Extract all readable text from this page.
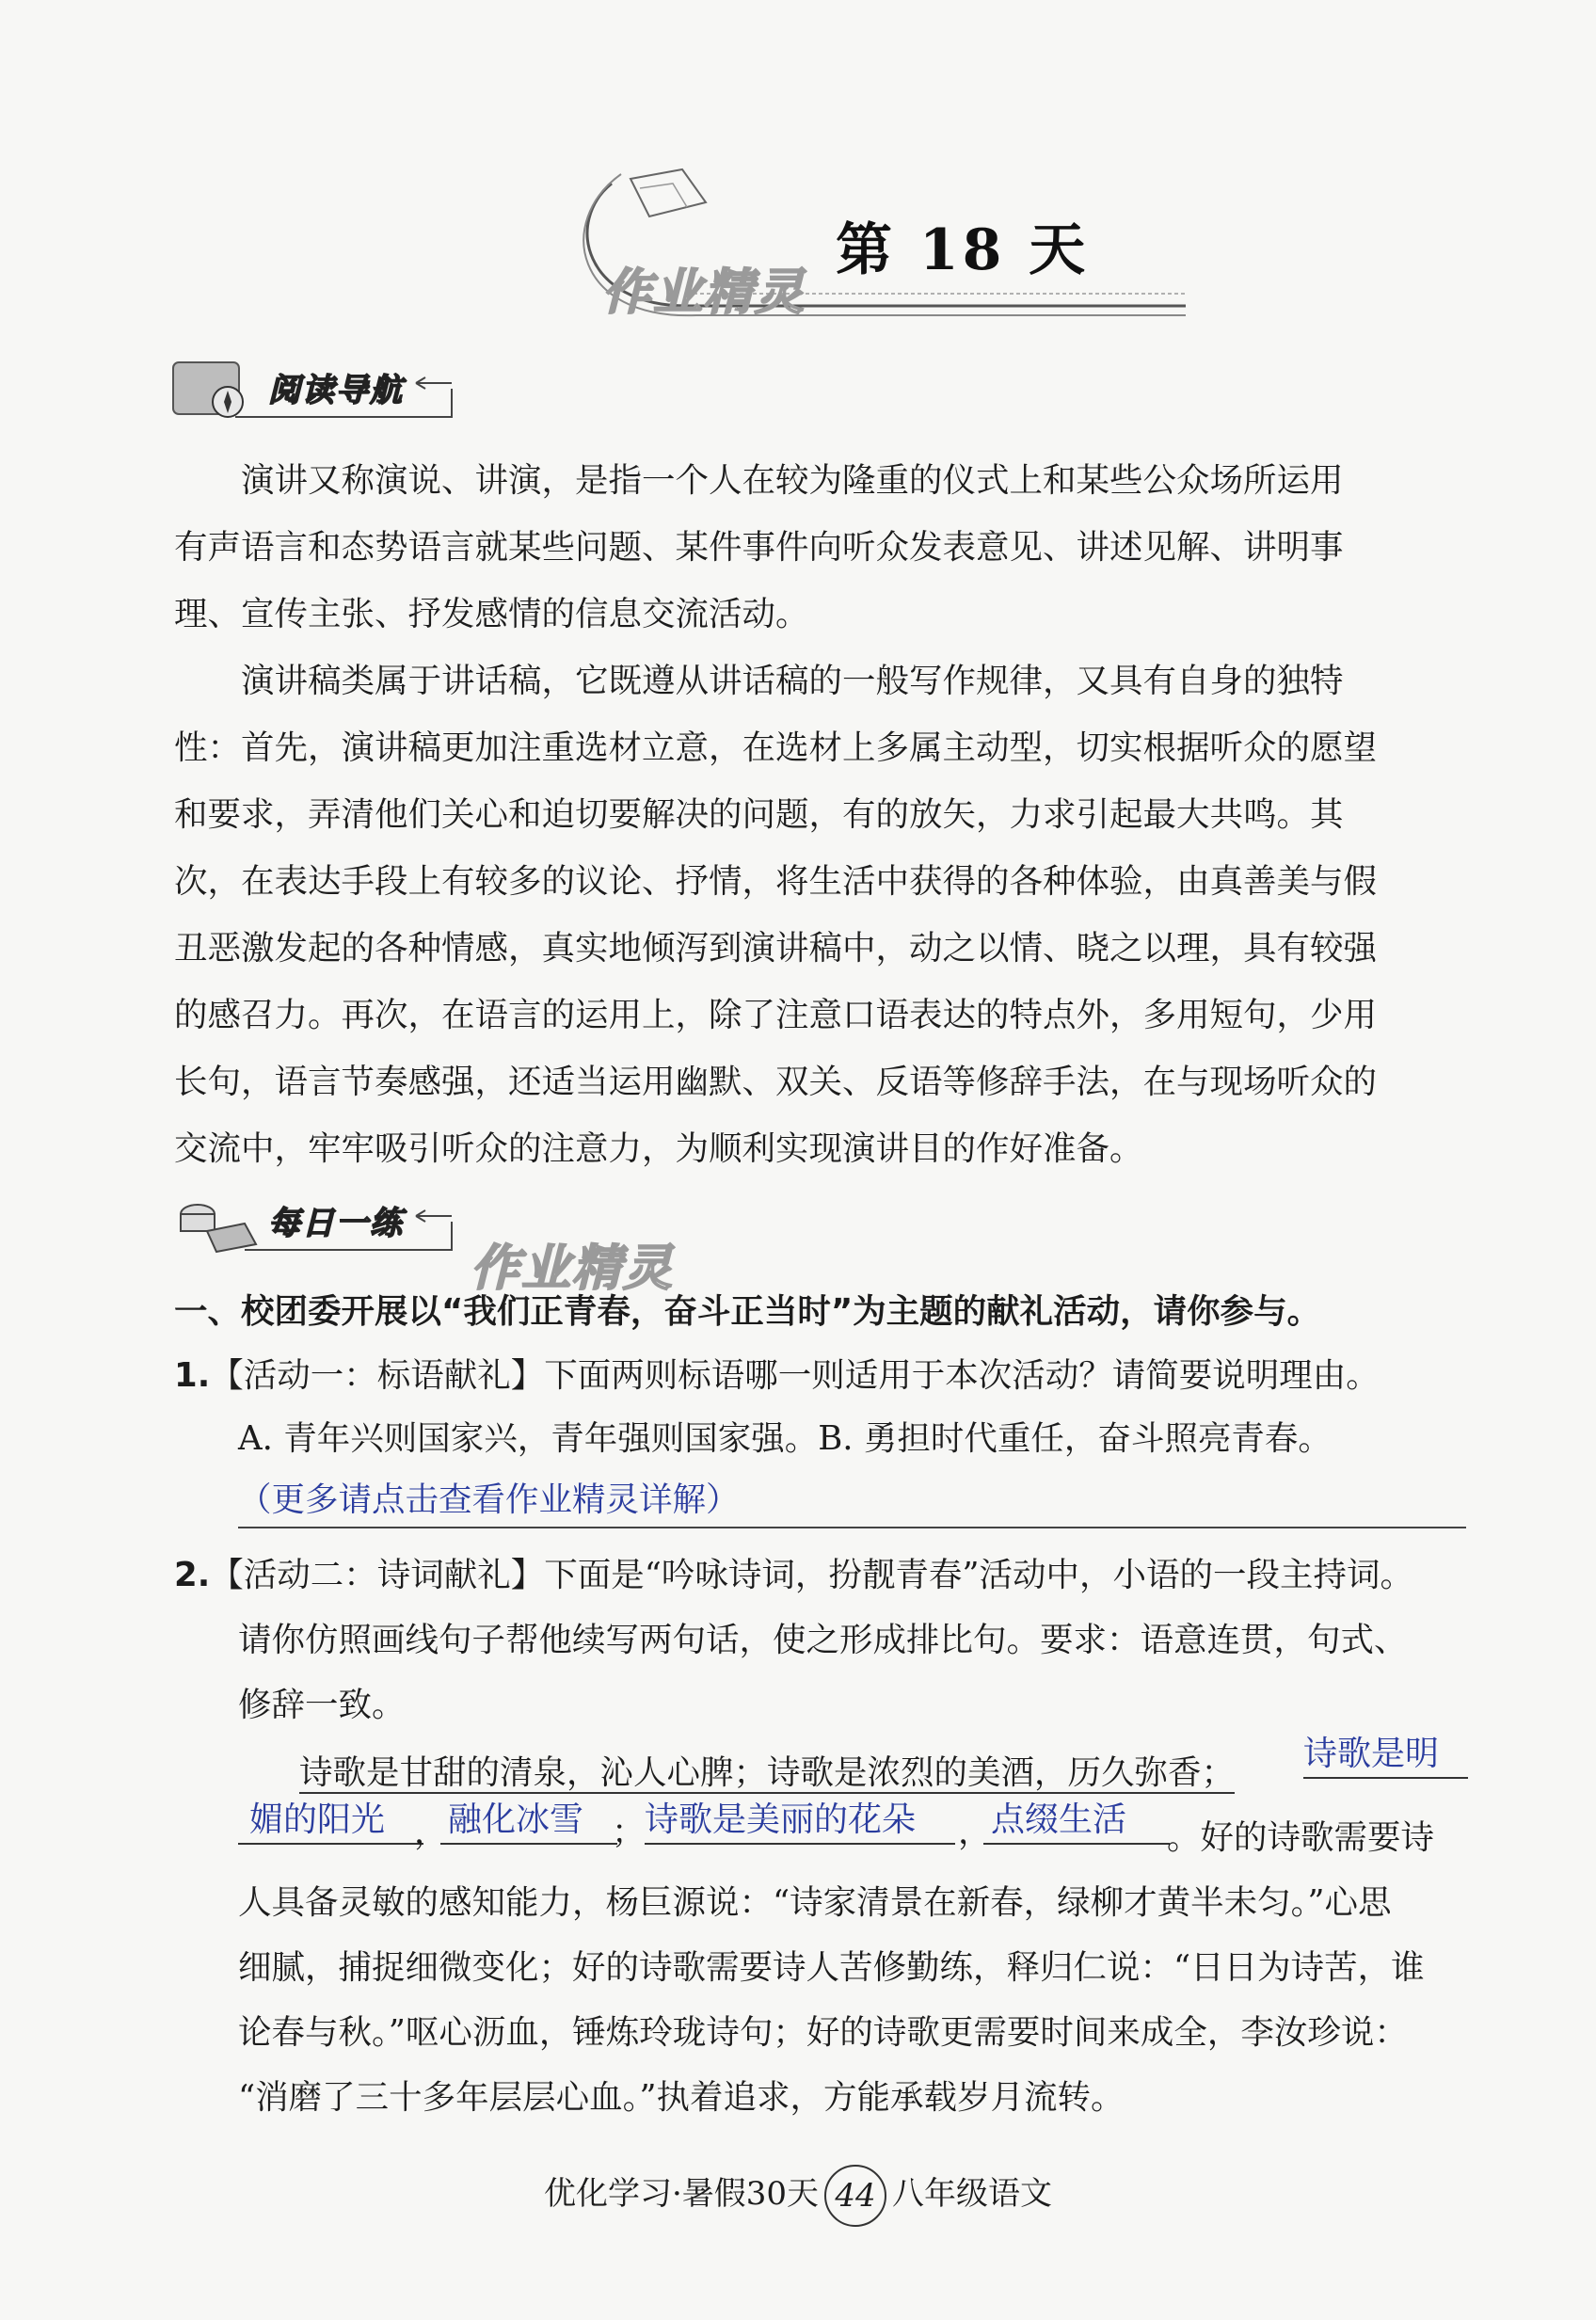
作业精灵
第 18 天
阅读导航
演讲又称演说、讲演，是指一个人在较为隆重的仪式上和某些公众场所运用
有声语言和态势语言就某些问题、某件事件向听众发表意见、讲述见解、讲明事
理、宣传主张、抒发感情的信息交流活动。
演讲稿类属于讲话稿，它既遵从讲话稿的一般写作规律，又具有自身的独特
性：首先，演讲稿更加注重选材立意，在选材上多属主动型，切实根据听众的愿望
和要求，弄清他们关心和迫切要解决的问题，有的放矢，力求引起最大共鸣。其
次，在表达手段上有较多的议论、抒情，将生活中获得的各种体验，由真善美与假
丑恶激发起的各种情感，真实地倾泻到演讲稿中，动之以情、晓之以理，具有较强
的感召力。再次，在语言的运用上，除了注意口语表达的特点外，多用短句，少用
长句，语言节奏感强，还适当运用幽默、双关、反语等修辞手法，在与现场听众的
交流中，牢牢吸引听众的注意力，为顺利实现演讲目的作好准备。
每日一练
作业精灵
一、校团委开展以“我们正青春，奋斗正当时”为主题的献礼活动，请你参与。
1.【活动一：标语献礼】下面两则标语哪一则适用于本次活动？请简要说明理由。
A. 青年兴则国家兴，青年强则国家强。B. 勇担时代重任，奋斗照亮青春。
（更多请点击查看作业精灵详解）
2.【活动二：诗词献礼】下面是“吟咏诗词，扮靓青春”活动中，小语的一段主持词。
请你仿照画线句子帮他续写两句话，使之形成排比句。要求：语意连贯，句式、
修辞一致。
诗歌是甘甜的清泉，沁人心脾；诗歌是浓烈的美酒，历久弥香； 诗歌是明
媚的阳光 ， 融化冰雪 ； 诗歌是美丽的花朵	， 点缀生活	。好的诗歌需要诗
人具备灵敏的感知能力，杨巨源说：“诗家清景在新春，绿柳才黄半未匀。”心思
细腻，捕捉细微变化；好的诗歌需要诗人苦修勤练，释归仁说：“日日为诗苦，谁
论春与秋。”呕心沥血，锤炼玲珑诗句；好的诗歌更需要时间来成全，李汝珍说：
“消磨了三十多年层层心血。”执着追求，方能承载岁月流转。
优化学习·暑假30天 44 八年级语文
